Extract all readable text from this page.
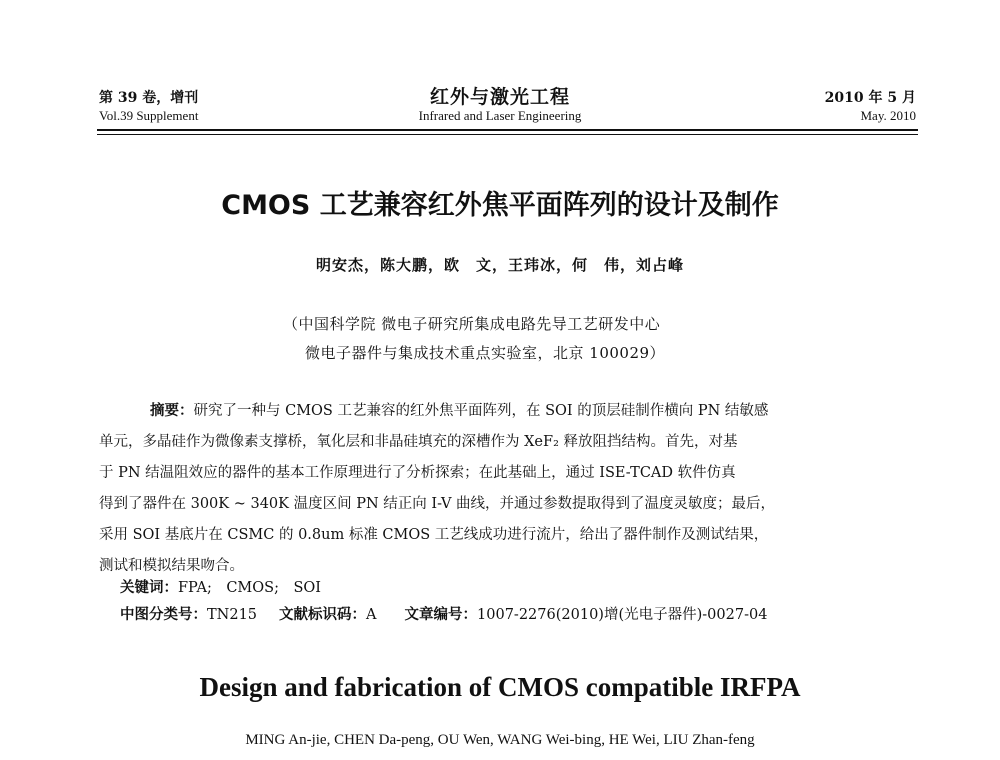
第 39 卷，增刊
Vol.39 Supplement
红外与激光工程
Infrared and Laser Engineering
2010 年 5 月
May. 2010
CMOS 工艺兼容红外焦平面阵列的设计及制作
明安杰，陈大鹏，欧　文，王玮冰，何　伟，刘占峰
（中国科学院 微电子研究所集成电路先导工艺研发中心
微电子器件与集成技术重点实验室，北京 100029）
摘要：研究了一种与 CMOS 工艺兼容的红外焦平面阵列，在 SOI 的顶层硅制作横向 PN 结敏感
单元，多晶硅作为微像素支撑桥，氧化层和非晶硅填充的深槽作为 XeF₂ 释放阻挡结构。首先，对基
于 PN 结温阻效应的器件的基本工作原理进行了分析探索；在此基础上，通过 ISE-TCAD 软件仿真
得到了器件在 300K ~ 340K 温度区间 PN 结正向 I-V 曲线，并通过参数提取得到了温度灵敏度；最后，
采用 SOI 基底片在 CSMC 的 0.8um 标准 CMOS 工艺线成功进行流片，给出了器件制作及测试结果，
测试和模拟结果吻合。
关键词：FPA;　CMOS;　SOI
中图分类号：TN215 文献标识码：A 文章编号：1007-2276(2010)增(光电子器件)-0027-04
Design and fabrication of CMOS compatible IRFPA
MING An-jie, CHEN Da-peng, OU Wen, WANG Wei-bing, HE Wei, LIU Zhan-feng
